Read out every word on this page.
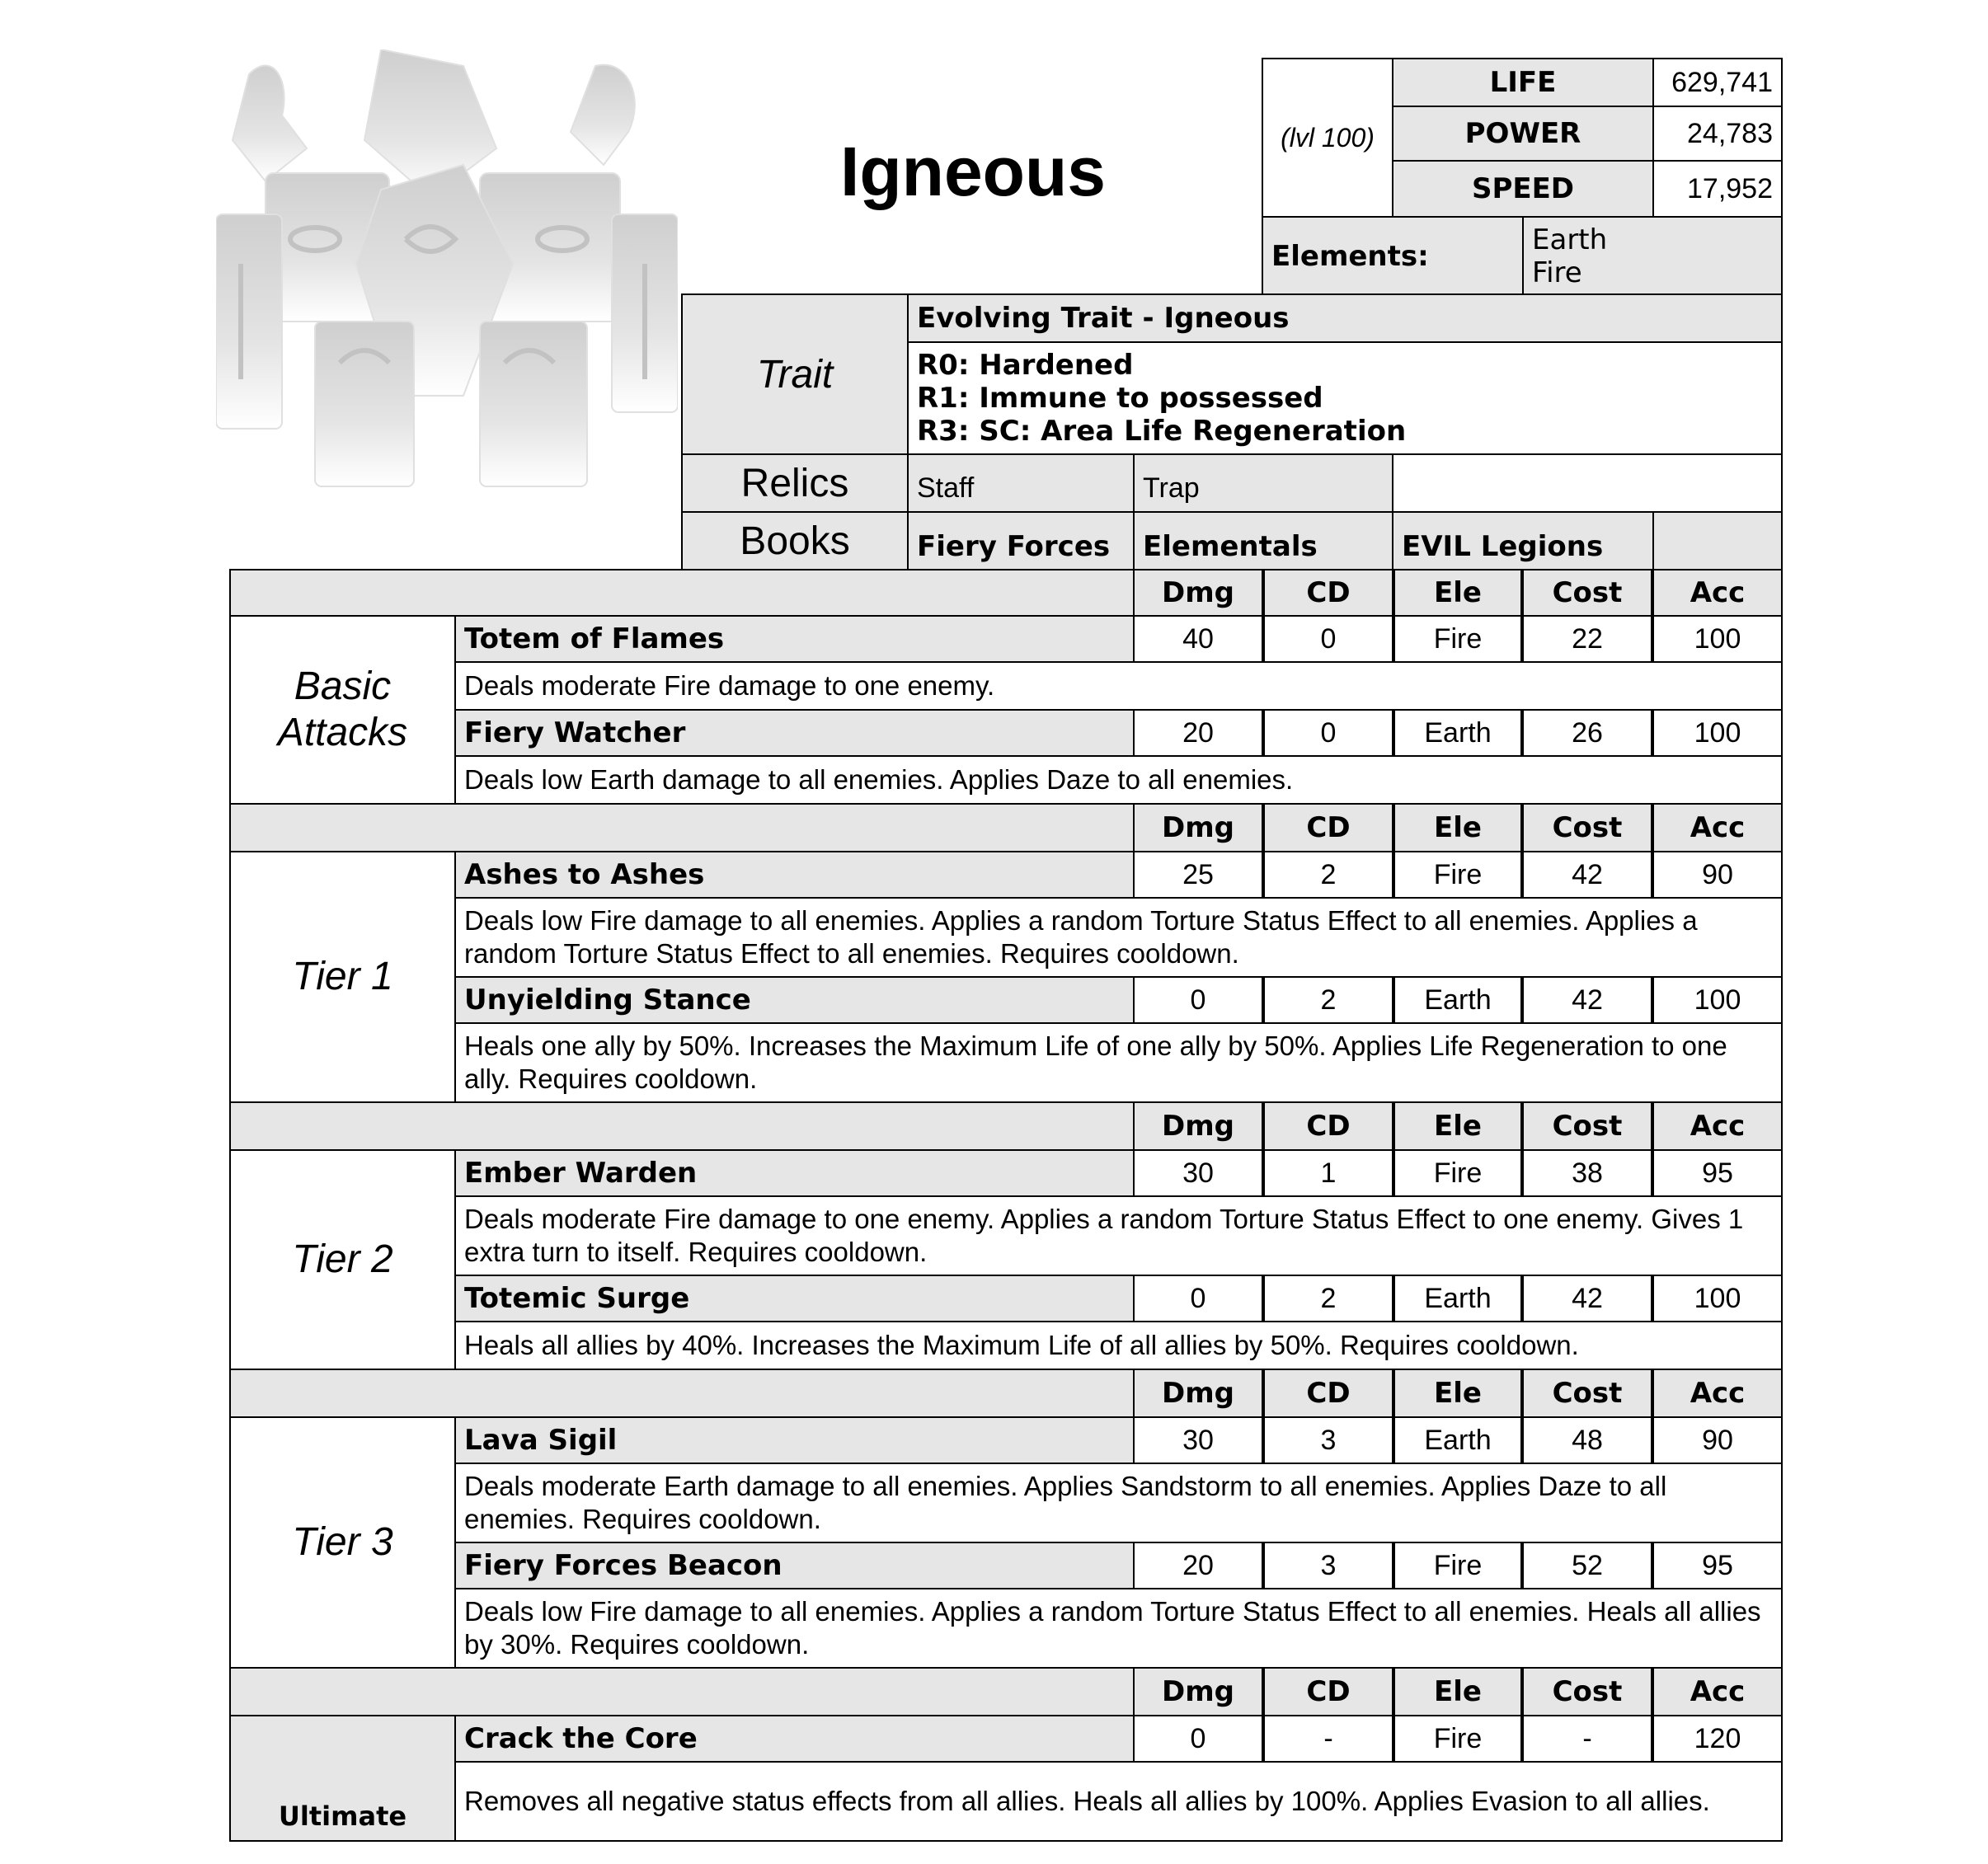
Igneous	(lvl 100)
LIFE	629,741
POWER	24,783
SPEED	17,952
Elements:	Earth
Fire
Trait
Evolving Trait - Igneous
R0: Hardened
R1: Immune to possessed
R3: SC: Area Life Regeneration
Relics	Staff	Trap
Books	Fiery Forces	Elementals	EVIL Legions
Dmg	CD	Ele	Cost	Acc
Basic
Attacks
Totem of Flames	40	0	Fire	22	100
Deals moderate Fire damage to one enemy.
Fiery Watcher	20	0	Earth	26	100
Deals low Earth damage to all enemies. Applies Daze to all enemies.
Dmg	CD	Ele	Cost	Acc
Tier 1
Ashes to Ashes	25	2	Fire	42	90
Deals low Fire damage to all enemies. Applies a random Torture Status Effect to all enemies. Applies a random Torture Status Effect to all enemies. Requires cooldown.
Unyielding Stance	0	2	Earth	42	100
Heals one ally by 50%. Increases the Maximum Life of one ally by 50%. Applies Life Regeneration to one ally. Requires cooldown.
Dmg	CD	Ele	Cost	Acc
Tier 2
Ember Warden	30	1	Fire	38	95
Deals moderate Fire damage to one enemy. Applies a random Torture Status Effect to one enemy. Gives 1 extra turn to itself. Requires cooldown.
Totemic Surge	0	2	Earth	42	100
Heals all allies by 40%. Increases the Maximum Life of all allies by 50%. Requires cooldown.
Dmg	CD	Ele	Cost	Acc
Tier 3
Lava Sigil	30	3	Earth	48	90
Deals moderate Earth damage to all enemies. Applies Sandstorm to all enemies. Applies Daze to all enemies. Requires cooldown.
Fiery Forces Beacon	20	3	Fire	52	95
Deals low Fire damage to all enemies. Applies a random Torture Status Effect to all enemies. Heals all allies by 30%. Requires cooldown.
Dmg	CD	Ele	Cost	Acc
Ultimate
Crack the Core	0	-	Fire	-	120
Removes all negative status effects from all allies. Heals all allies by 100%. Applies Evasion to all allies.
